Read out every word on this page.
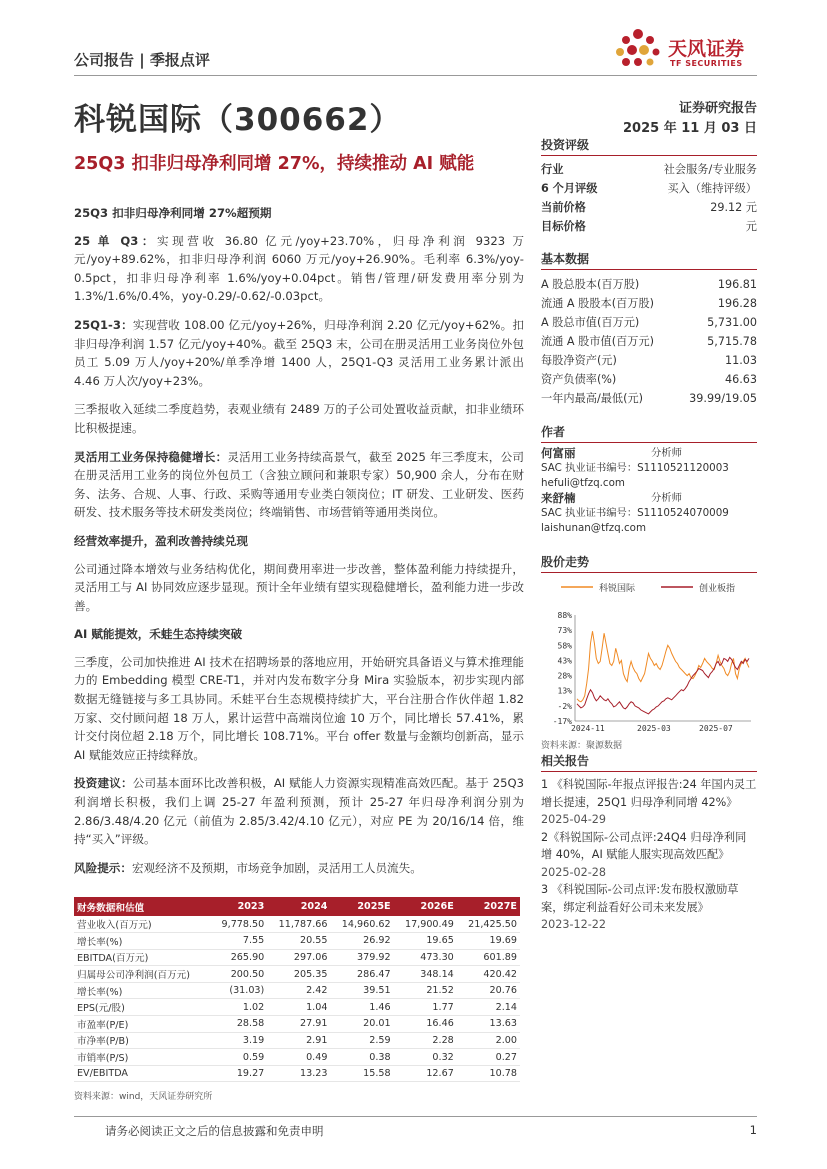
公司报告 | 季报点评	天风证券
TF SECURITIES
科锐国际（300662）	证券研究报告
2025 年 11 月 03 日
25Q3 扣非归母净利同增 27%，持续推动 AI 赋能
25Q3 扣非归母净利同增 27%超预期

25 单 Q3：实现营收 36.80 亿元/yoy+23.70%，归母净利润 9323 万元/yoy+89.62%，扣非归母净利润 6060 万元/yoy+26.90%。毛利率 6.3%/yoy-0.5pct，扣非归母净利率 1.6%/yoy+0.04pct。销售/管理/研发费用率分别为 1.3%/1.6%/0.4%，yoy-0.29/-0.62/-0.03pct。

25Q1-3：实现营收 108.00 亿元/yoy+26%，归母净利润 2.20 亿元/yoy+62%。扣非归母净利润 1.57 亿元/yoy+40%。截至 25Q3 末，公司在册灵活用工业务岗位外包员工 5.09 万人/yoy+20%/单季净增 1400 人，25Q1-Q3 灵活用工业务累计派出 4.46 万人次/yoy+23%。

三季报收入延续二季度趋势，表观业绩有 2489 万的子公司处置收益贡献，扣非业绩环比积极提速。

灵活用工业务保持稳健增长：灵活用工业务持续高景气，截至 2025 年三季度末，公司在册灵活用工业务的岗位外包员工（含独立顾问和兼职专家）50,900 余人，分布在财务、法务、合规、人事、行政、采购等通用专业类白领岗位；IT 研发、工业研发、医药研发、技术服务等技术研发类岗位；终端销售、市场营销等通用类岗位。

经营效率提升，盈利改善持续兑现

公司通过降本增效与业务结构优化，期间费用率进一步改善，整体盈利能力持续提升，灵活用工与 AI 协同效应逐步显现。预计全年业绩有望实现稳健增长，盈利能力进一步改善。

AI 赋能提效，禾蛙生态持续突破

三季度，公司加快推进 AI 技术在招聘场景的落地应用，开始研究具备语义与算术推理能力的 Embedding 模型 CRE-T1，并对内发布数字分身 Mira 实验版本，初步实现内部数据无缝链接与多工具协同。禾蛙平台生态规模持续扩大，平台注册合作伙伴超 1.82 万家、交付顾问超 18 万人，累计运营中高端岗位逾 10 万个，同比增长 57.41%，累计交付岗位超 2.18 万个，同比增长 108.71%。平台 offer 数量与金额均创新高，显示 AI 赋能效应正持续释放。

投资建议：公司基本面环比改善积极，AI 赋能人力资源实现精准高效匹配。基于 25Q3 利润增长积极，我们上调 25-27 年盈利预测，预计 25-27 年归母净利润分别为 2.86/3.48/4.20 亿元（前值为 2.85/3.42/4.10 亿元），对应 PE 为 20/16/14 倍，维持“买入”评级。

风险提示：宏观经济不及预期，市场竞争加剧，灵活用工人员流失。

财务数据和估值	2023	2024	2025E	2026E	2027E
营业收入(百万元)	9,778.50	11,787.66	14,960.62	17,900.49	21,425.50
增长率(%)	7.55	20.55	26.92	19.65	19.69
EBITDA(百万元)	265.90	297.06	379.92	473.30	601.89
归属母公司净利润(百万元)	200.50	205.35	286.47	348.14	420.42
增长率(%)	(31.03)	2.42	39.51	21.52	20.76
EPS(元/股)	1.02	1.04	1.46	1.77	2.14
市盈率(P/E)	28.58	27.91	20.01	16.46	13.63
市净率(P/B)	3.19	2.91	2.59	2.28	2.00
市销率(P/S)	0.59	0.49	0.38	0.32	0.27
EV/EBITDA	19.27	13.23	15.58	12.67	10.78
资料来源：wind，天风证券研究所
投资评级
行业	社会服务/专业服务
6 个月评级	买入（维持评级）
当前价格	29.12 元
目标价格	元
基本数据
A 股总股本(百万股)	196.81
流通 A 股股本(百万股)	196.28
A 股总市值(百万元)	5,731.00
流通 A 股市值(百万元)	5,715.78
每股净资产(元)	11.03
资产负债率(%)	46.63
一年内最高/最低(元)	39.99/19.05
作者
何富丽	分析师
SAC 执业证书编号：S1110521120003
hefuli@tfzq.com
来舒楠	分析师
SAC 执业证书编号：S1110524070009
laishunan@tfzq.com
股价走势
科锐国际	创业板指
88%
73%
58%
43%
28%
13%
-2%
-17%
2024-11	2025-03	2025-07
资料来源：聚源数据
相关报告
1 《科锐国际-年报点评报告:24 年国内灵工增长提速，25Q1 归母净利同增 42%》
2025-04-29
2《科锐国际-公司点评:24Q4 归母净利同增 40%，AI 赋能人服实现高效匹配》
2025-02-28
3 《科锐国际-公司点评:发布股权激励草案，绑定利益看好公司未来发展》
2023-12-22
请务必阅读正文之后的信息披露和免责申明	1
